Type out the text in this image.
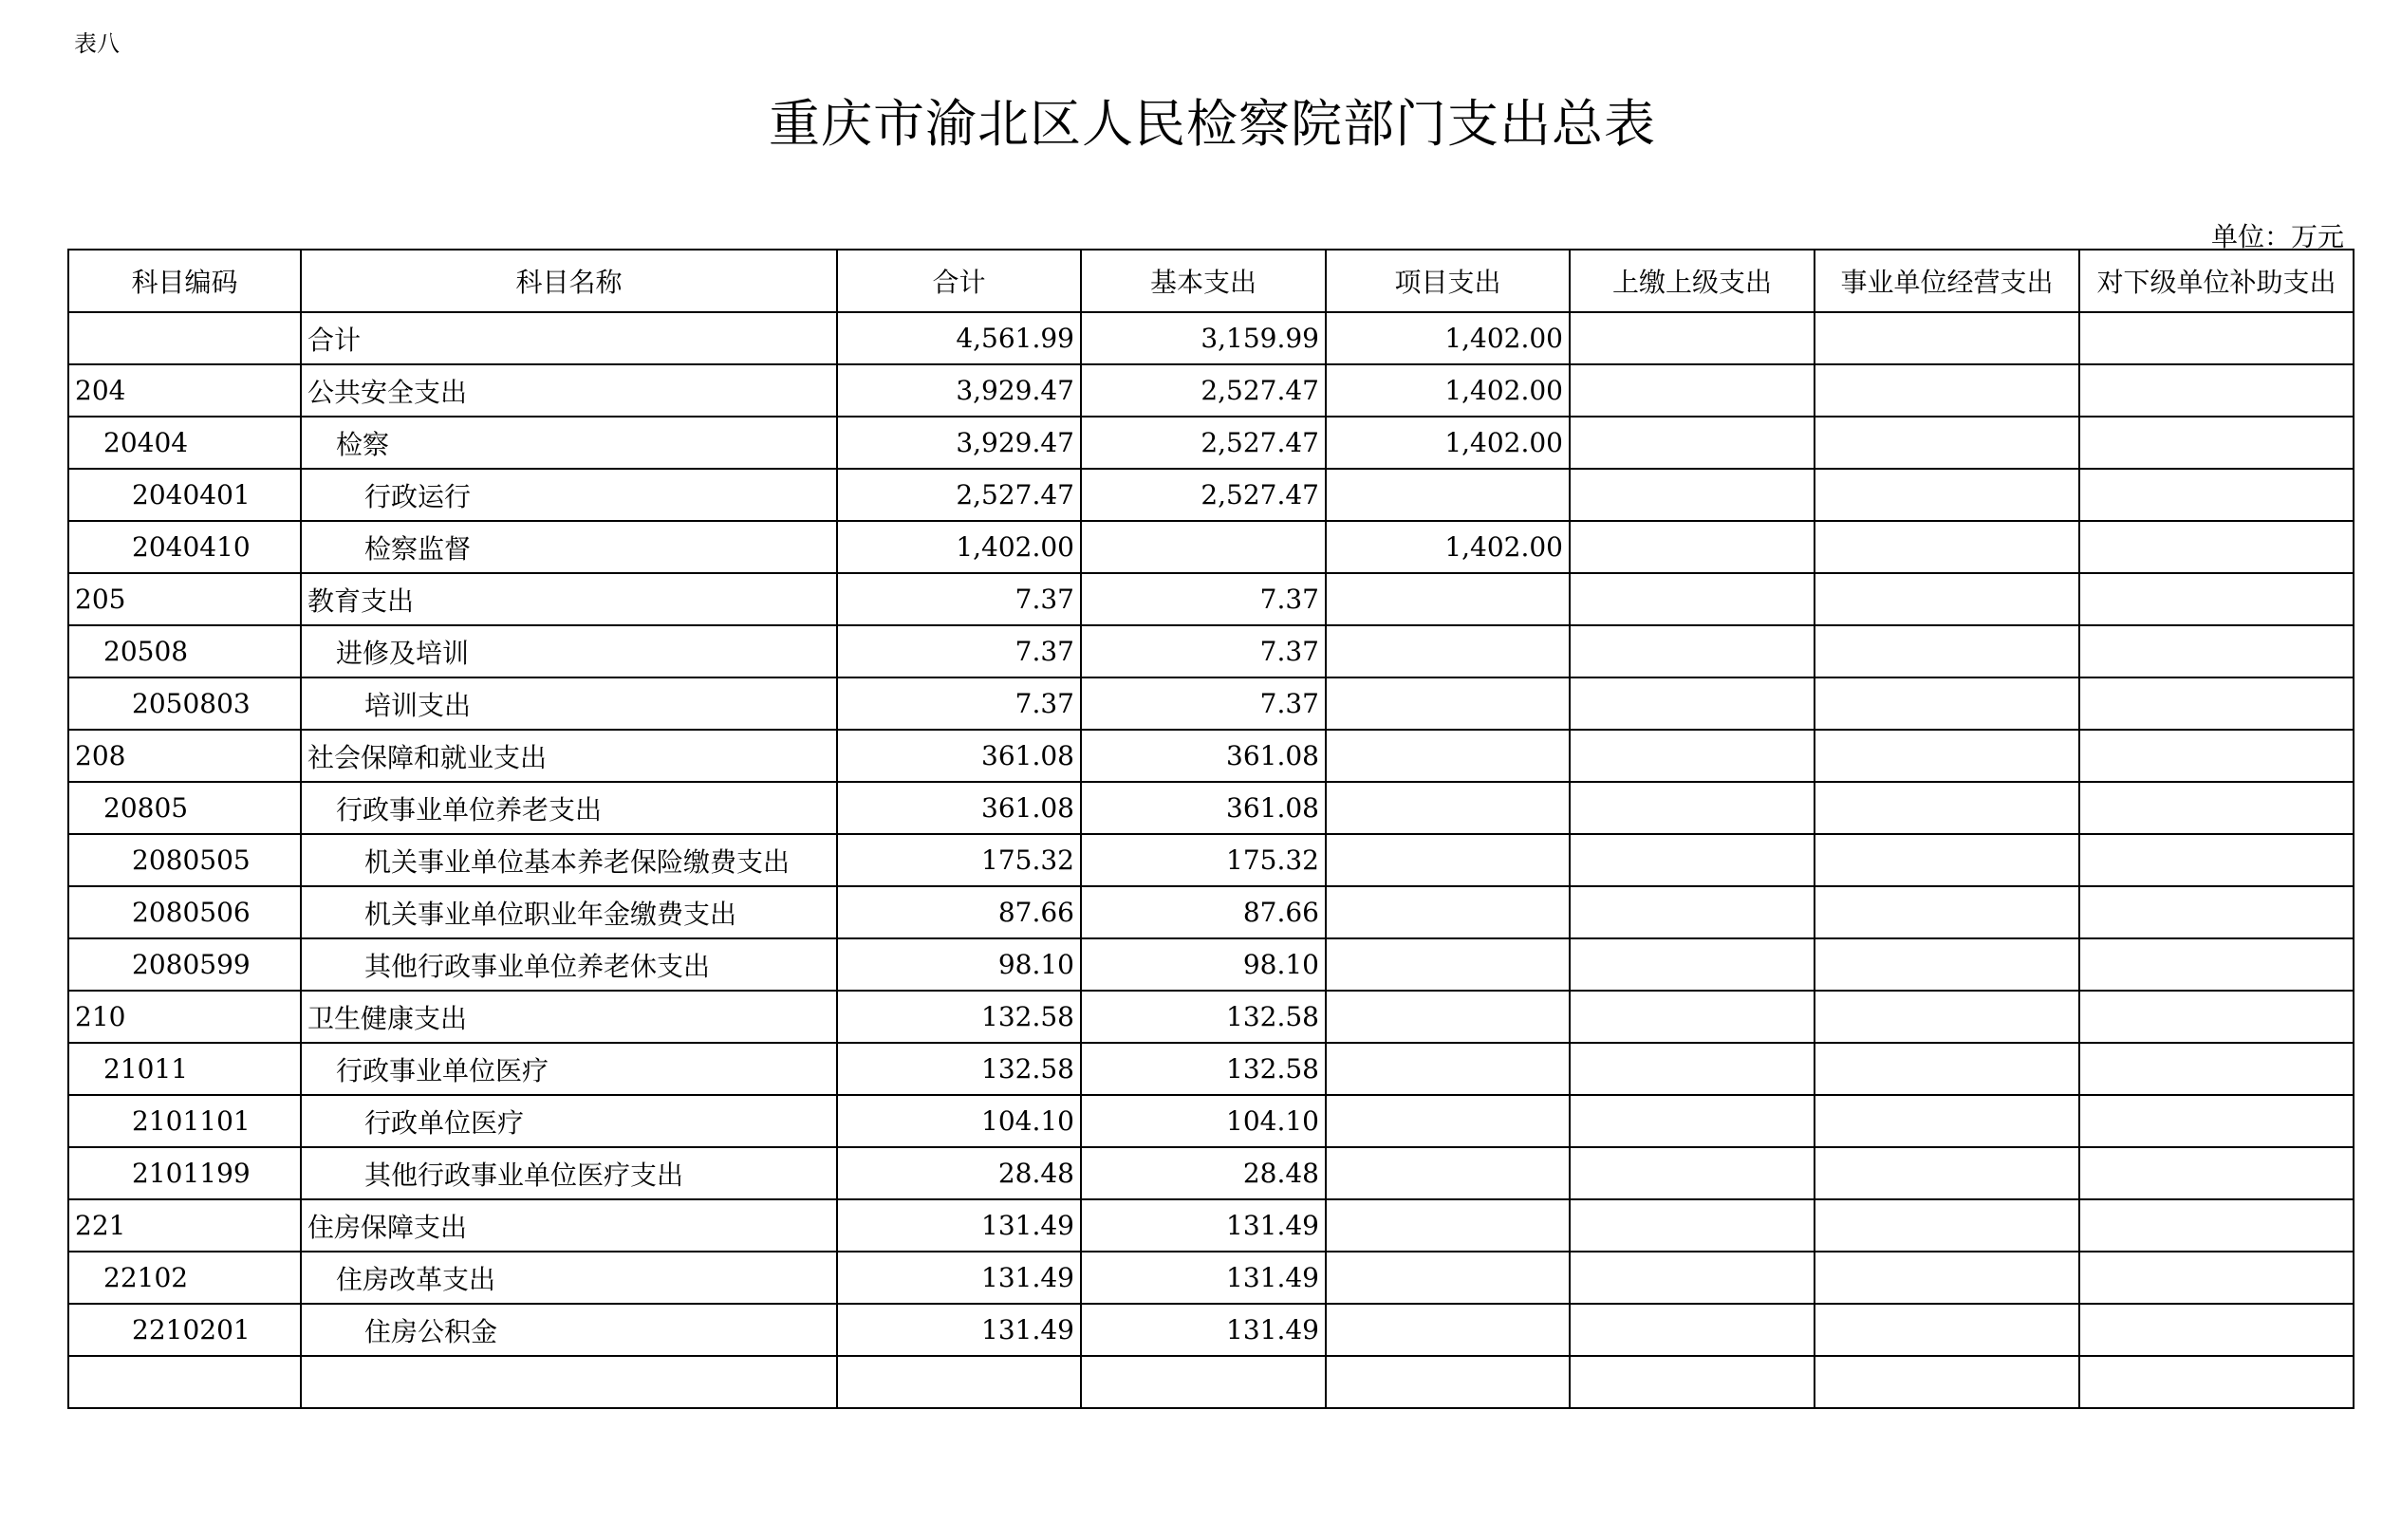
表八
重庆市渝北区人民检察院部门支出总表
单位：万元
科目编码	科目名称	合计	基本支出	项目支出	上缴上级支出	事业单位经营支出	对下级单位补助支出
	合计	4,561.99	3,159.99	1,402.00			
204	公共安全支出	3,929.47	2,527.47	1,402.00			
20404	检察	3,929.47	2,527.47	1,402.00			
2040401	行政运行	2,527.47	2,527.47				
2040410	检察监督	1,402.00		1,402.00			
205	教育支出	7.37	7.37				
20508	进修及培训	7.37	7.37				
2050803	培训支出	7.37	7.37				
208	社会保障和就业支出	361.08	361.08				
20805	行政事业单位养老支出	361.08	361.08				
2080505	机关事业单位基本养老保险缴费支出	175.32	175.32				
2080506	机关事业单位职业年金缴费支出	87.66	87.66				
2080599	其他行政事业单位养老休支出	98.10	98.10				
210	卫生健康支出	132.58	132.58				
21011	行政事业单位医疗	132.58	132.58				
2101101	行政单位医疗	104.10	104.10				
2101199	其他行政事业单位医疗支出	28.48	28.48				
221	住房保障支出	131.49	131.49				
22102	住房改革支出	131.49	131.49				
2210201	住房公积金	131.49	131.49				
